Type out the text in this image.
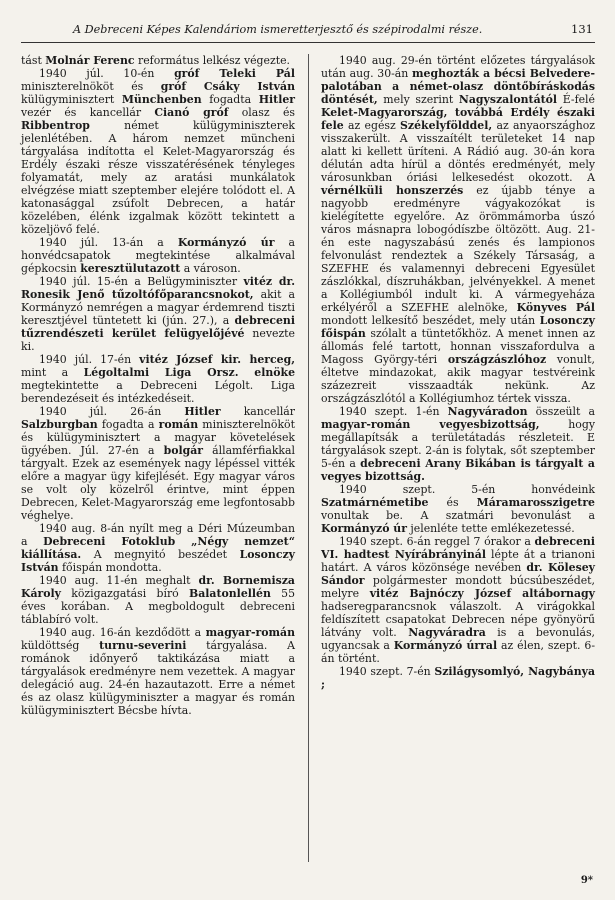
A Debreceni Képes Kalendáriom ismeretterjesztő és szépirodalmi része.	131

tást Molnár Ferenc református lelkész végezte.

1940 júl. 10-én gróf Teleki Pál miniszterelnököt és gróf Csáky István külügyminisztert Münchenben fogadta Hitler vezér és kancellár Cianó gróf olasz és Ribbentrop német külügyminiszterek jelenlétében. A három nemzet müncheni tárgyalása indította el Kelet-Magyarország és Erdély északi része visszatérésének tényleges folyamatát, mely az aratási munkálatok elvégzése miatt szeptember elejére tolódott el. A katonasággal zsúfolt Debrecen, a határ közelében, élénk izgalmak között tekintett a közeljövő felé.

1940 júl. 13-án a Kormányzó úr a honvédcsapatok megtekintése alkalmával gépkocsin keresztülutazott a városon.

1940 júl. 15-én a Belügyminiszter vitéz dr. Ronesik Jenő tűzoltófőparancsnokot, akit a Kormányzó nemrégen a magyar érdemrend tiszti keresztjével tüntetett ki (jún. 27.), a debreceni tűzrendészeti kerület felügyelőjévé nevezte ki.

1940 júl. 17-én vitéz József kir. herceg, mint a Légoltalmi Liga Orsz. elnöke megtekintette a Debreceni Légolt. Liga berendezéseit és intézkedéseit.

1940 júl. 26-án Hitler kancellár Salzburgban fogadta a román miniszterelnököt és külügyminisztert a magyar követelések ügyében. Júl. 27-én a bolgár államférfiakkal tárgyalt. Ezek az események nagy lépéssel vitték előre a magyar ügy kifejlését. Egy magyar város se volt oly közelről érintve, mint éppen Debrecen, Kelet-Magyarország eme legfontosabb véghelye.

1940 aug. 8-án nyílt meg a Déri Múzeumban a Debreceni Fotoklub „Négy nemzet“ kiállítása. A megnyitó beszédet Losonczy István főispán mondotta.

1940 aug. 11-én meghalt dr. Bornemisza Károly közigazgatási bíró Balatonlellén 55 éves korában. A megboldogult debreceni táblabíró volt.

1940 aug. 16-án kezdődött a magyar-román küldöttség turnu-severini tárgyalása. A románok időnyerő taktikázása miatt a tárgyalások eredményre nem vezettek. A magyar delegáció aug. 24-én hazautazott. Erre a német és az olasz külügyminiszter a magyar és román külügyminisztert Bécsbe hívta.

1940 aug. 29-én történt előzetes tárgyalások után aug. 30-án meghozták a bécsi Belvedere-palotában a német-olasz döntőbíráskodás döntését, mely szerint Nagyszalontától É-felé Kelet-Magyarország, továbbá Erdély északi fele az egész Székelyfölddel, az anyaországhoz visszakerült. A visszaítélt területeket 14 nap alatt ki kellett üríteni. A Rádió aug. 30-án kora délután adta hírül a döntés eredményét, mely városunkban óriási lelkesedést okozott. A vérnélküli honszerzés ez újabb ténye a nagyobb eredményre vágyakozókat is kielégítette egyelőre. Az örömmámorba úszó város másnapra lobogódíszbe öltözött. Aug. 21-én este nagyszabású zenés és lampionos felvonulást rendeztek a Székely Társaság, a SZEFHE és valamennyi debreceni Egyesület zászlókkal, díszruhákban, jelvényekkel. A menet a Kollégiumból indult ki. A vármegyeháza erkélyéről a SZEFHE alelnöke, Könyves Pál mondott lelkesítő beszédet, mely után Losonczy főispán szólalt a tüntetőkhöz. A menet innen az állomás felé tartott, honnan visszafordulva a Magoss György-téri országzászlóhoz vonult, éltetve mindazokat, akik magyar testvéreink százezreit visszaadták nekünk. Az országzászlótól a Kollégiumhoz tértek vissza.

1940 szept. 1-én Nagyváradon összeült a magyar-román vegyesbizottság, hogy megállapítsák a területátadás részleteit. E tárgyalások szept. 2-án is folytak, sőt szeptember 5-én a debreceni Arany Bikában is tárgyalt a vegyes bizottság.

1940 szept. 5-én honvédeink Szatmárnémetibe és Máramarosszigetre vonultak be. A szatmári bevonulást a Kormányzó úr jelenléte tette emlékezetessé.

1940 szept. 6-án reggel 7 órakor a debreceni VI. hadtest Nyírábrányinál lépte át a trianoni határt. A város közönsége nevében dr. Kölesey Sándor polgármester mondott búcsúbeszédet, melyre vitéz Bajnóczy József altábornagy hadseregparancsnok válaszolt. A virágokkal feldíszített csapatokat Debrecen népe gyönyörű látvány volt. Nagyváradra is a bevonulás, ugyancsak a Kormányzó úrral az élen, szept. 6-án történt.

1940 szept. 7-én Szilágysomlyó, Nagybánya ;

9*
